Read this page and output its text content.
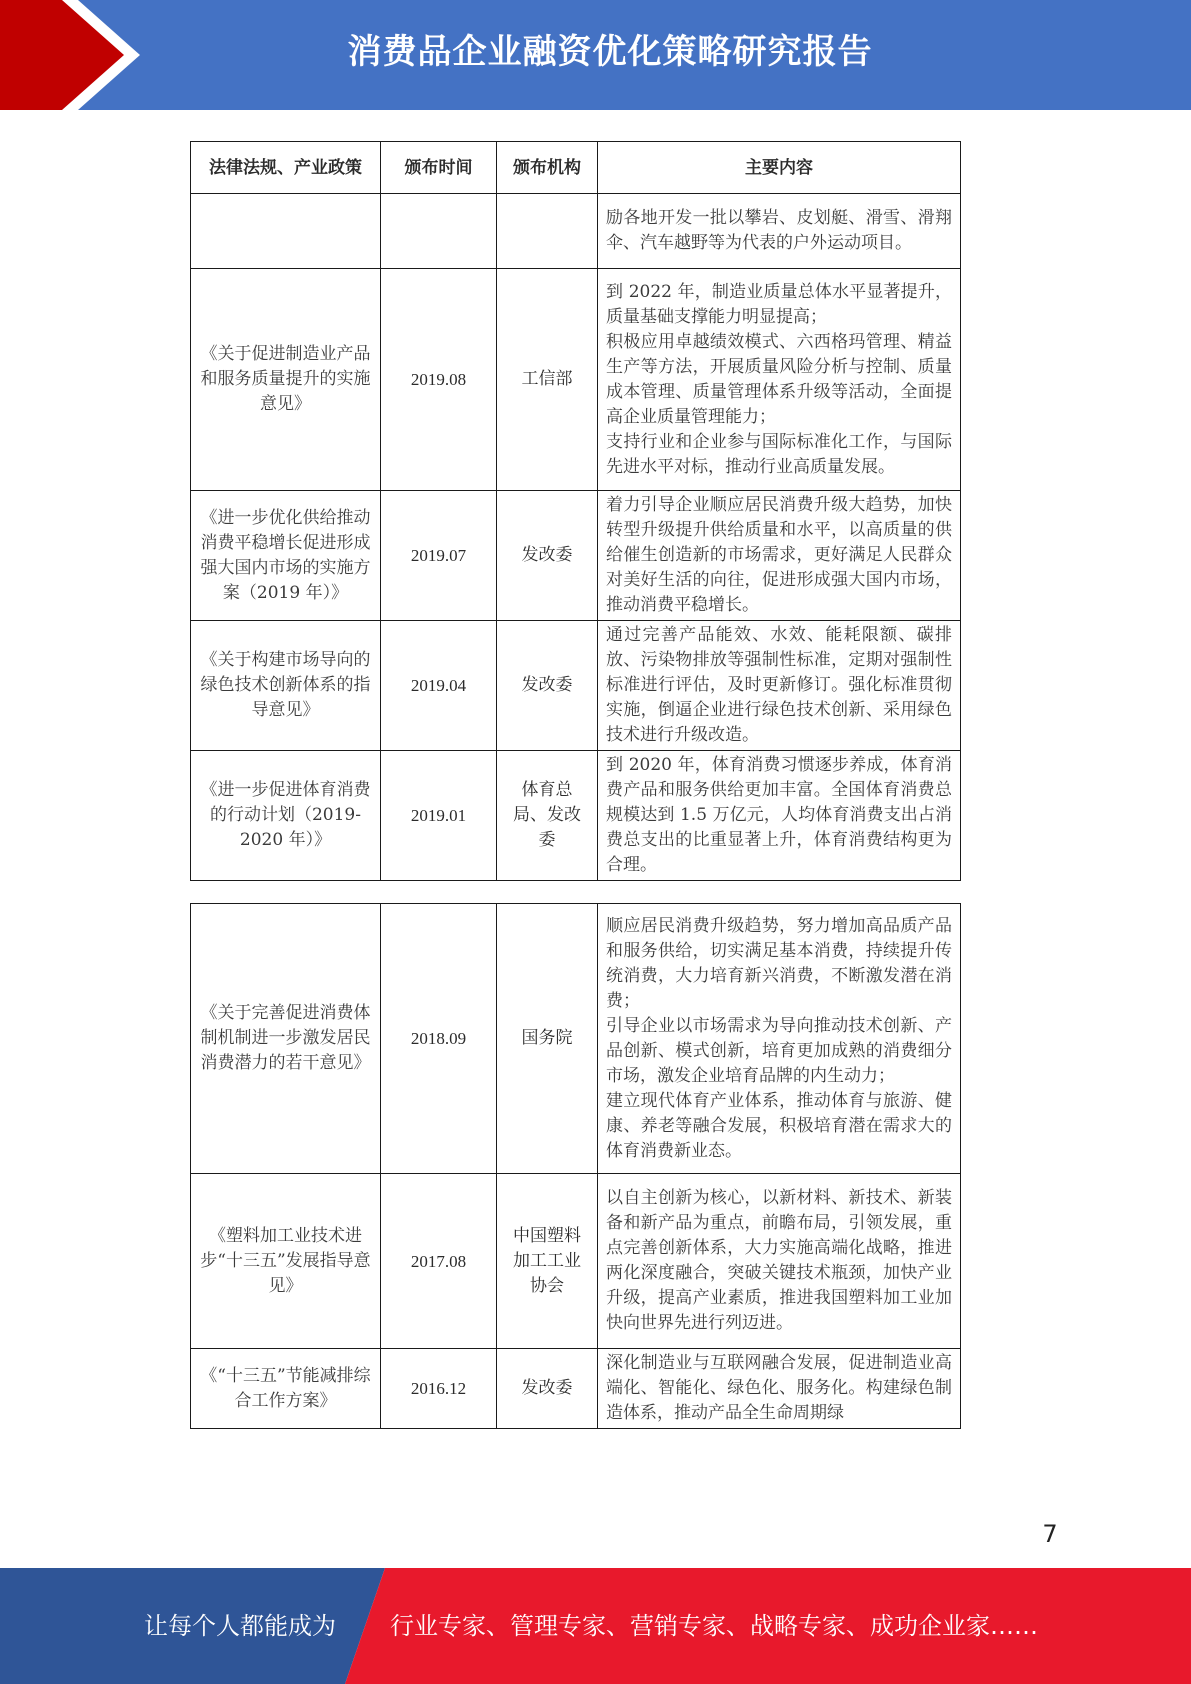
消费品企业融资优化策略研究报告
法律法规、产业政策	颁布时间	颁布机构	主要内容

			励各地开发一批以攀岩、皮划艇、滑雪、滑翔伞、汽车越野等为代表的户外运动项目。

《关于促进制造业产品和服务质量提升的实施意见》	2019.08	工信部	到 2022 年，制造业质量总体水平显著提升，质量基础支撑能力明显提高；

积极应用卓越绩效模式、六西格玛管理、精益生产等方法，开展质量风险分析与控制、质量成本管理、质量管理体系升级等活动，全面提高企业质量管理能力；

支持行业和企业参与国际标准化工作，与国际先进水平对标，推动行业高质量发展。

《进一步优化供给推动消费平稳增长促进形成强大国内市场的实施方案（2019 年）》	2019.07	发改委	着力引导企业顺应居民消费升级大趋势，加快转型升级提升供给质量和水平，以高质量的供给催生创造新的市场需求，更好满足人民群众对美好生活的向往，促进形成强大国内市场，推动消费平稳增长。

《关于构建市场导向的绿色技术创新体系的指导意见》	2019.04	发改委	通过完善产品能效、水效、能耗限额、碳排放、污染物排放等强制性标准，定期对强制性标准进行评估，及时更新修订。强化标准贯彻实施，倒逼企业进行绿色技术创新、采用绿色技术进行升级改造。

《进一步促进体育消费的行动计划（2019-2020 年）》	2019.01	体育总局、发改委	到 2020 年，体育消费习惯逐步养成，体育消费产品和服务供给更加丰富。全国体育消费总规模达到 1.5 万亿元，人均体育消费支出占消费总支出的比重显著上升，体育消费结构更为合理。

《关于完善促进消费体制机制进一步激发居民消费潜力的若干意见》	2018.09	国务院	顺应居民消费升级趋势，努力增加高品质产品和服务供给，切实满足基本消费，持续提升传统消费，大力培育新兴消费，不断激发潜在消费；

引导企业以市场需求为导向推动技术创新、产品创新、模式创新，培育更加成熟的消费细分市场，激发企业培育品牌的内生动力；

建立现代体育产业体系，推动体育与旅游、健康、养老等融合发展，积极培育潜在需求大的体育消费新业态。

《塑料加工业技术进步“十三五”发展指导意见》	2017.08	中国塑料加工工业协会	以自主创新为核心，以新材料、新技术、新装备和新产品为重点，前瞻布局，引领发展，重点完善创新体系，大力实施高端化战略，推进两化深度融合，突破关键技术瓶颈，加快产业升级，提高产业素质，推进我国塑料加工业加快向世界先进行列迈进。

《“十三五”节能减排综合工作方案》	2016.12	发改委	深化制造业与互联网融合发展，促进制造业高端化、智能化、绿色化、服务化。构建绿色制造体系，推动产品全生命周期绿

7
让每个人都能成为	行业专家、管理专家、营销专家、战略专家、成功企业家……
